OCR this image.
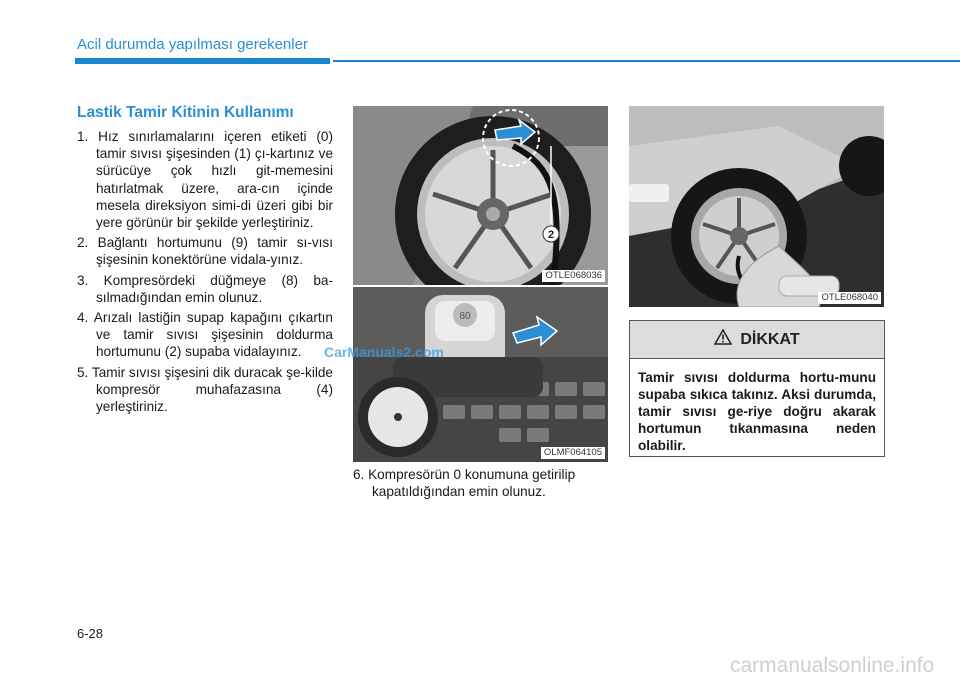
Acil durumda yapılması gerekenler
Lastik Tamir Kitinin Kullanımı
1. Hız sınırlamalarını içeren etiketi (0) tamir sıvısı şişesinden (1) çı-kartınız ve sürücüye çok hızlı git-memesini hatırlatmak üzere, ara-cın içinde mesela direksiyon simi-di üzeri gibi bir yere görünür bir şekilde yerleştiriniz.
2. Bağlantı hortumunu (9) tamir sı-vısı şişesinin konektörüne vidala-yınız.
3. Kompresördeki düğmeye (8) ba-sılmadığından emin olunuz.
4. Arızalı lastiğin supap kapağını çıkartın ve tamir sıvısı şişesinin doldurma hortumunu (2) supaba vidalayınız.
5. Tamir sıvısı şişesini dik duracak şe-kilde kompresör muhafazasına (4) yerleştiriniz.
2
OTLE068036
80
OLMF064105
CarManuals2.com

6. Kompresörün 0 konumuna getirilip kapatıldığından emin olunuz.

OTLE068040
DİKKAT
Tamir sıvısı doldurma hortu-munu supaba sıkıca takınız. Aksi durumda, tamir sıvısı ge-riye doğru akarak hortumun tıkanmasına neden olabilir.
6-28
carmanualsonline.info
